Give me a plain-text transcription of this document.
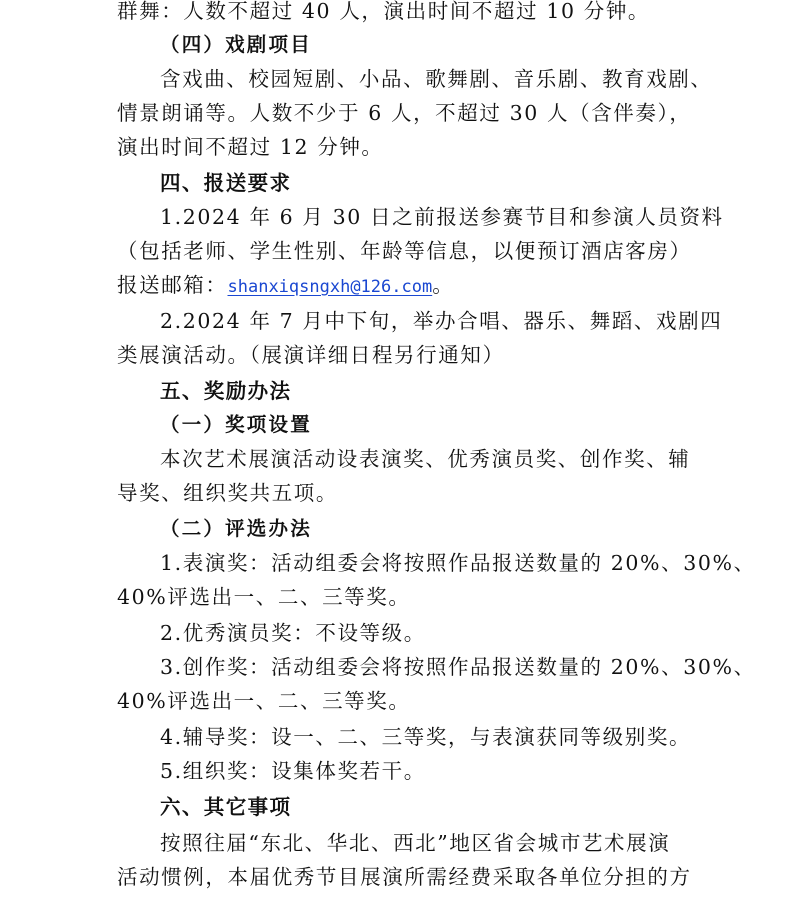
群舞：人数不超过 40 人，演出时间不超过 10 分钟。
（四）戏剧项目
含戏曲、校园短剧、小品、歌舞剧、音乐剧、教育戏剧、
情景朗诵等。人数不少于 6 人，不超过 30 人（含伴奏），
演出时间不超过 12 分钟。
四、报送要求
1.2024 年 6 月 30 日之前报送参赛节目和参演人员资料
（包括老师、学生性别、年龄等信息，以便预订酒店客房）
报送邮箱：shanxiqsngxh@126.com。
2.2024 年 7 月中下旬，举办合唱、器乐、舞蹈、戏剧四
类展演活动。（展演详细日程另行通知）
五、奖励办法
（一）奖项设置
本次艺术展演活动设表演奖、优秀演员奖、创作奖、辅
导奖、组织奖共五项。
（二）评选办法
1.表演奖：活动组委会将按照作品报送数量的 20%、30%、
40%评选出一、二、三等奖。
2.优秀演员奖：不设等级。
3.创作奖：活动组委会将按照作品报送数量的 20%、30%、
40%评选出一、二、三等奖。
4.辅导奖：设一、二、三等奖，与表演获同等级别奖。
5.组织奖：设集体奖若干。
六、其它事项
按照往届“东北、华北、西北”地区省会城市艺术展演
活动惯例，本届优秀节目展演所需经费采取各单位分担的方
